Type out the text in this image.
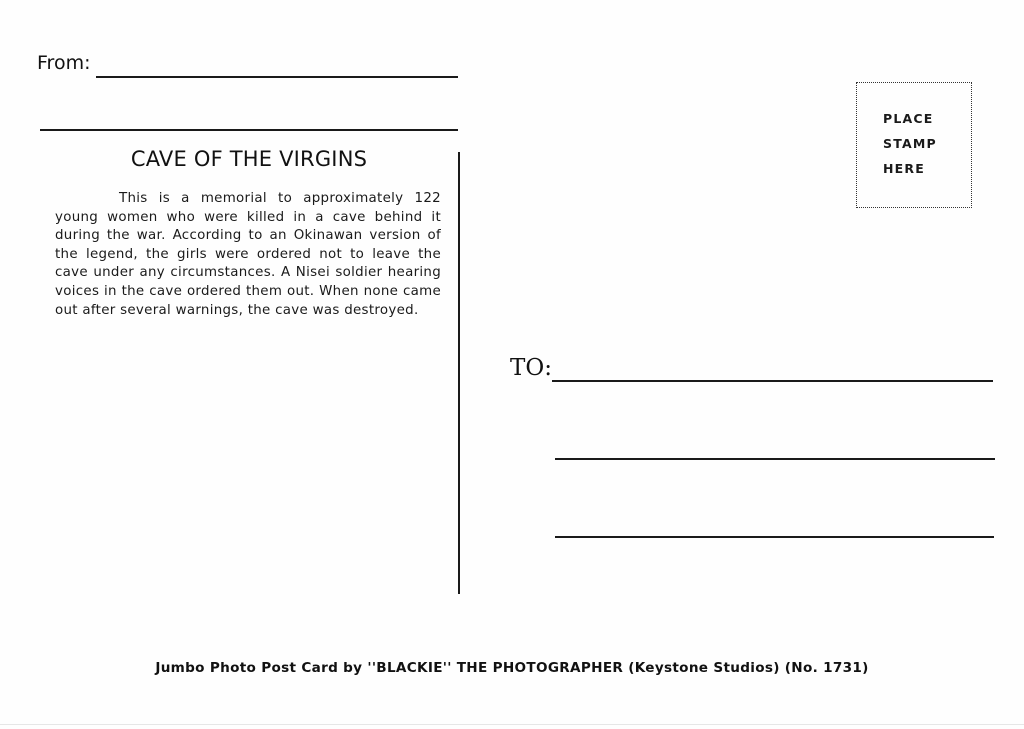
From:
CAVE OF THE VIRGINS

This is a memorial to approximately 122 young women who were killed in a cave behind it during the war. According to an Okinawan version of the legend, the girls were ordered not to leave the cave under any circumstances. A Nisei soldier hearing voices in the cave ordered them out. When none came out after several warnings, the cave was destroyed.

PLACE
STAMP
HERE
TO:
Jumbo Photo Post Card by ''BLACKIE'' THE PHOTOGRAPHER (Keystone Studios) (No. 1731)
